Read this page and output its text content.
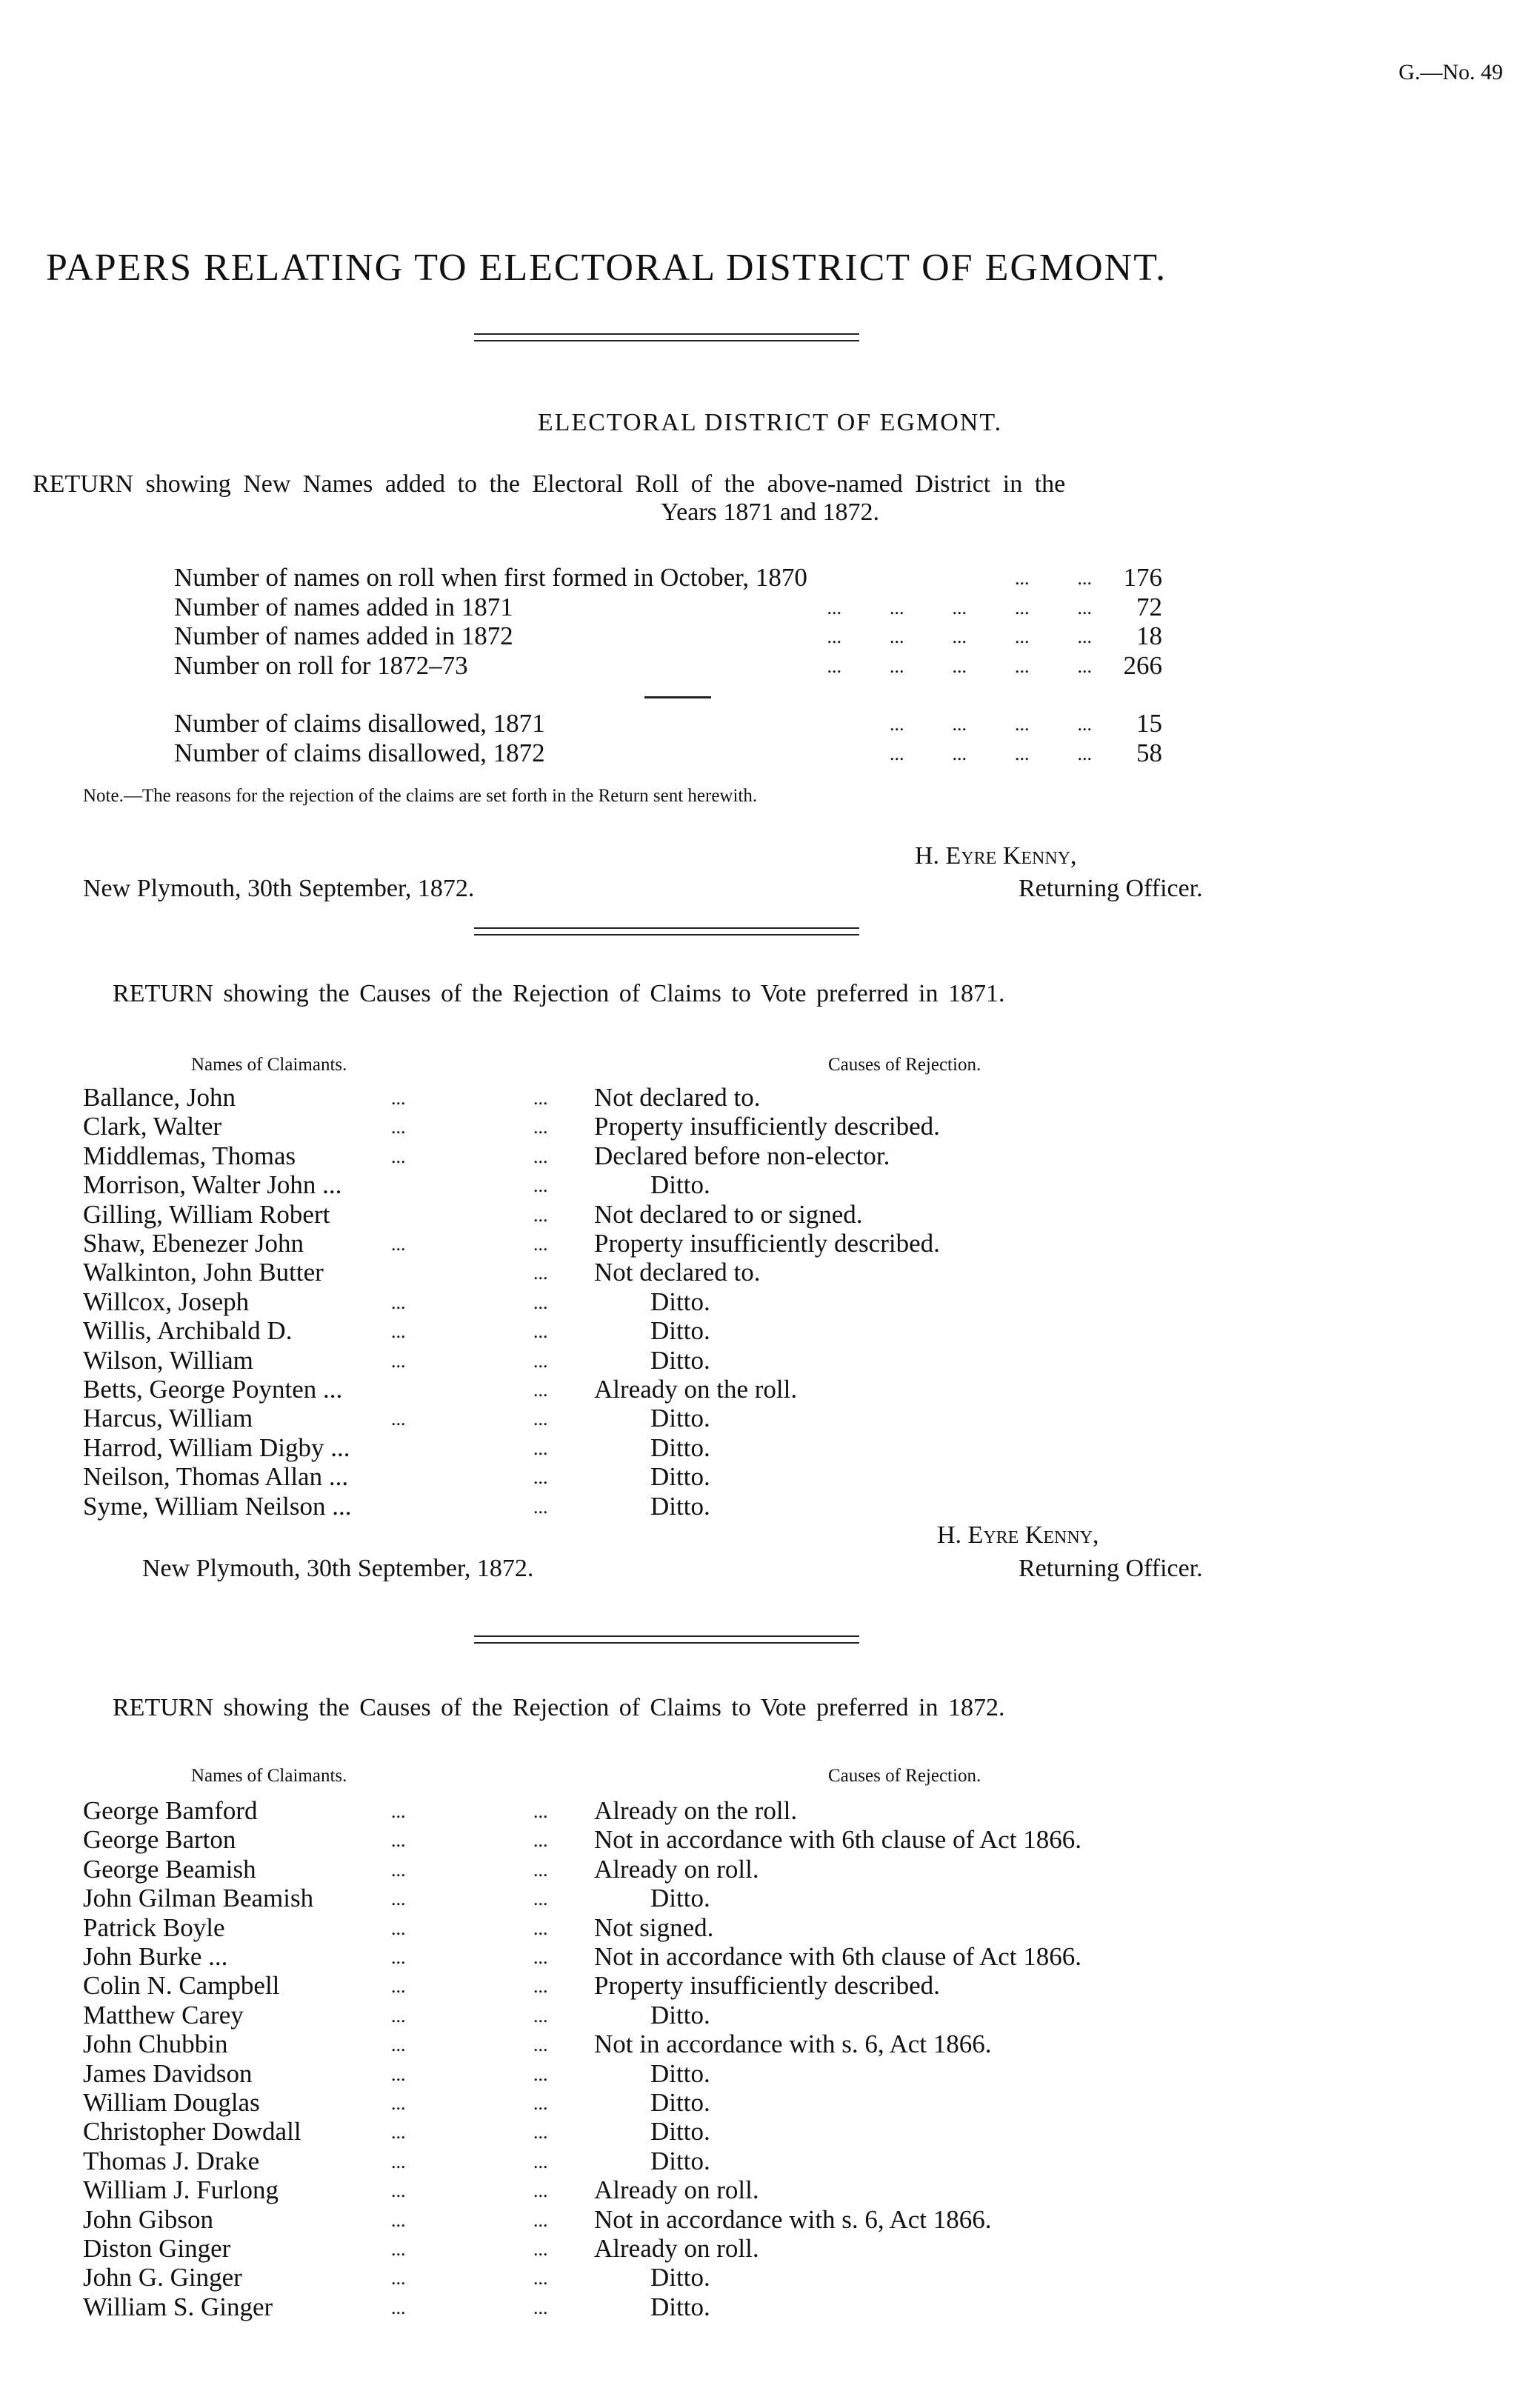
G.—No. 49
PAPERS RELATING TO ELECTORAL DISTRICT OF EGMONT.
ELECTORAL DISTRICT OF EGMONT.
RETURN showing New Names added to the Electoral Roll of the above-named District in the
Years 1871 and 1872.
Number of names on roll when first formed in October, 1870	...          ...	176
Number of names added in 1871	...          ...          ...          ...          ...	72
Number of names added in 1872	...          ...          ...          ...          ...	18
Number on roll for 1872–73	...          ...          ...          ...          ...	266
Number of claims disallowed, 1871	...          ...          ...          ...	15
Number of claims disallowed, 1872	...          ...          ...          ...	58
Note.—The reasons for the rejection of the claims are set forth in the Return sent herewith.
H. Eyre Kenny,
New Plymouth, 30th September, 1872.	Returning Officer.
RETURN showing the Causes of the Rejection of Claims to Vote preferred in 1871.
Names of Claimants.	Causes of Rejection.
Ballance, John	...	... Not declared to.
Clark, Walter	...	... Property insufficiently described.
Middlemas, Thomas	...	... Declared before non-elector.
Morrison, Walter John ...	...	Ditto.
Gilling, William Robert	... Not declared to or signed.
Shaw, Ebenezer John	...	... Property insufficiently described.
Walkinton, John Butter	... Not declared to.
Willcox, Joseph	...	...	Ditto.
Willis, Archibald D.	...	...	Ditto.
Wilson, William	...	...	Ditto.
Betts, George Poynten ...	... Already on the roll.
Harcus, William	...	...	Ditto.
Harrod, William Digby ...	...	Ditto.
Neilson, Thomas Allan ...	...	Ditto.
Syme, William Neilson ...	...	Ditto.
H. Eyre Kenny,
New Plymouth, 30th September, 1872.	Returning Officer.
RETURN showing the Causes of the Rejection of Claims to Vote preferred in 1872.
Names of Claimants.	Causes of Rejection.
George Bamford	...	... Already on the roll.
George Barton	...	... Not in accordance with 6th clause of Act 1866.
George Beamish	...	... Already on roll.
John Gilman Beamish	...	...	Ditto.
Patrick Boyle	...	... Not signed.
John Burke ...	...	... Not in accordance with 6th clause of Act 1866.
Colin N. Campbell	...	... Property insufficiently described.
Matthew Carey	...	...	Ditto.
John Chubbin	...	... Not in accordance with s. 6, Act 1866.
James Davidson	...	...	Ditto.
William Douglas	...	...	Ditto.
Christopher Dowdall	...	...	Ditto.
Thomas J. Drake	...	...	Ditto.
William J. Furlong	...	... Already on roll.
John Gibson	...	... Not in accordance with s. 6, Act 1866.
Diston Ginger	...	... Already on roll.
John G. Ginger	...	...	Ditto.
William S. Ginger	...	...	Ditto.
